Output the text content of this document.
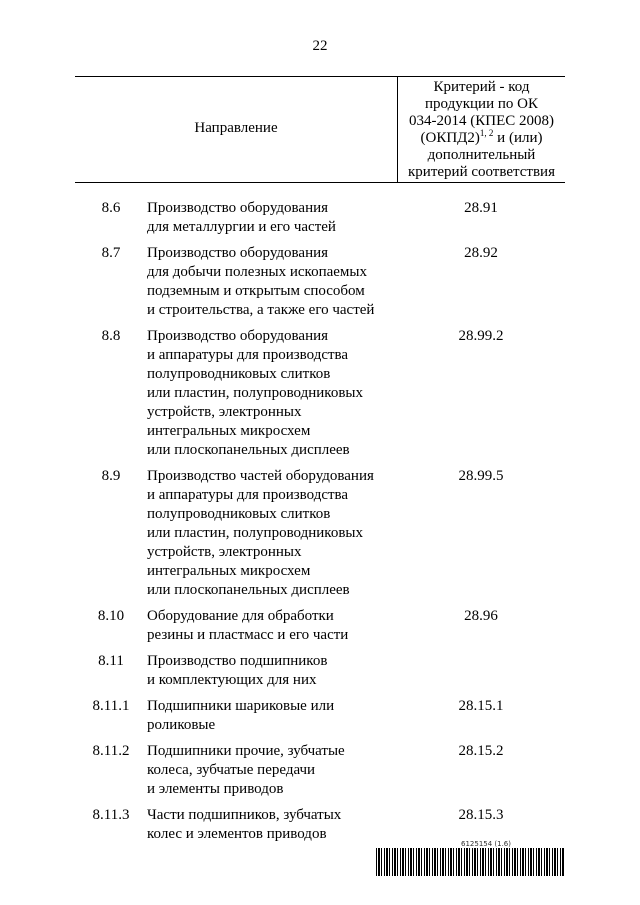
22
Направление
Критерий - код
продукции по ОК
034-2014 (КПЕС 2008)
(ОКПД2)$^{1, 2}$ и (или)
дополнительный
критерий соответствия
8.6	Производство оборудования
для металлургии и его частей
28.91
8.7	Производство оборудования
для добычи полезных ископаемых
подземным и открытым способом
и строительства, а также его частей
28.92
8.8	Производство оборудования
и аппаратуры для производства
полупроводниковых слитков
или пластин, полупроводниковых
устройств, электронных
интегральных микросхем
или плоскопанельных дисплеев
28.99.2
8.9	Производство частей оборудования
и аппаратуры для производства
полупроводниковых слитков
или пластин, полупроводниковых
устройств, электронных
интегральных микросхем
или плоскопанельных дисплеев
28.99.5
8.10	Оборудование для обработки
резины и пластмасс и его части
28.96
8.11	Производство подшипников
и комплектующих для них
8.11.1	Подшипники шариковые или
роликовые
28.15.1
8.11.2	Подшипники прочие, зубчатые
колеса, зубчатые передачи
и элементы приводов
28.15.2
8.11.3	Части подшипников, зубчатых
колес и элементов приводов
28.15.3
6125154 (1.6)
